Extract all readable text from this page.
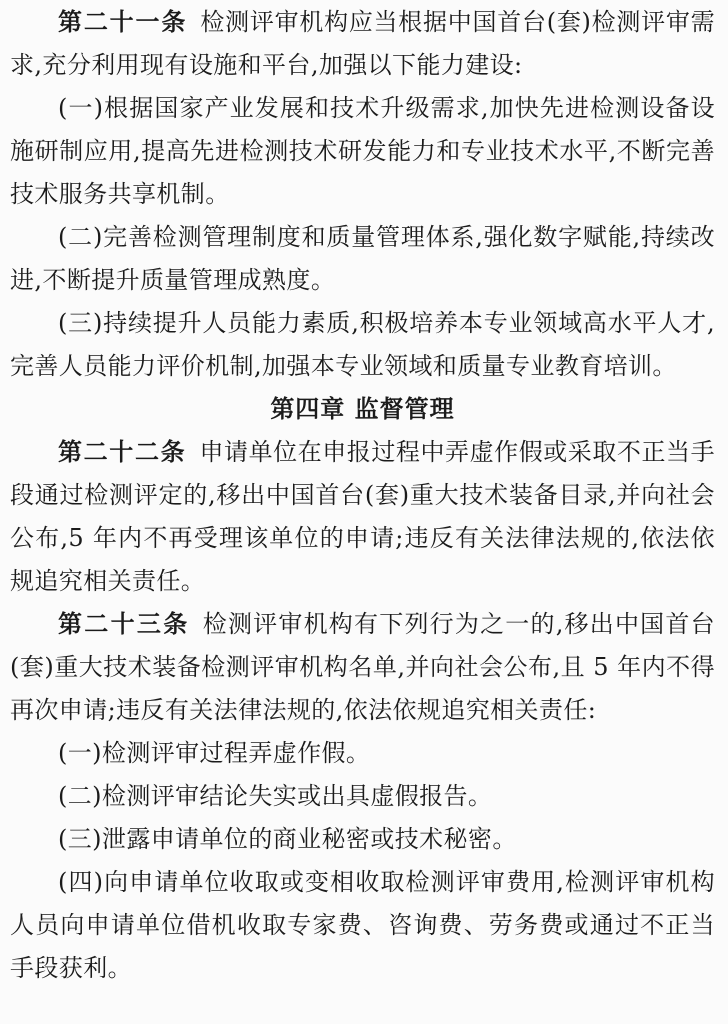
第二十一条 检测评审机构应当根据中国首台(套)检测评审需求,充分利用现有设施和平台,加强以下能力建设:

(一)根据国家产业发展和技术升级需求,加快先进检测设备设施研制应用,提高先进检测技术研发能力和专业技术水平,不断完善技术服务共享机制。

(二)完善检测管理制度和质量管理体系,强化数字赋能,持续改进,不断提升质量管理成熟度。

(三)持续提升人员能力素质,积极培养本专业领域高水平人才,完善人员能力评价机制,加强本专业领域和质量专业教育培训。

第四章 监督管理

第二十二条 申请单位在申报过程中弄虚作假或采取不正当手段通过检测评定的,移出中国首台(套)重大技术装备目录,并向社会公布,5 年内不再受理该单位的申请;违反有关法律法规的,依法依规追究相关责任。

第二十三条 检测评审机构有下列行为之一的,移出中国首台(套)重大技术装备检测评审机构名单,并向社会公布,且 5 年内不得再次申请;违反有关法律法规的,依法依规追究相关责任:

(一)检测评审过程弄虚作假。

(二)检测评审结论失实或出具虚假报告。

(三)泄露申请单位的商业秘密或技术秘密。

(四)向申请单位收取或变相收取检测评审费用,检测评审机构人员向申请单位借机收取专家费、咨询费、劳务费或通过不正当手段获利。
